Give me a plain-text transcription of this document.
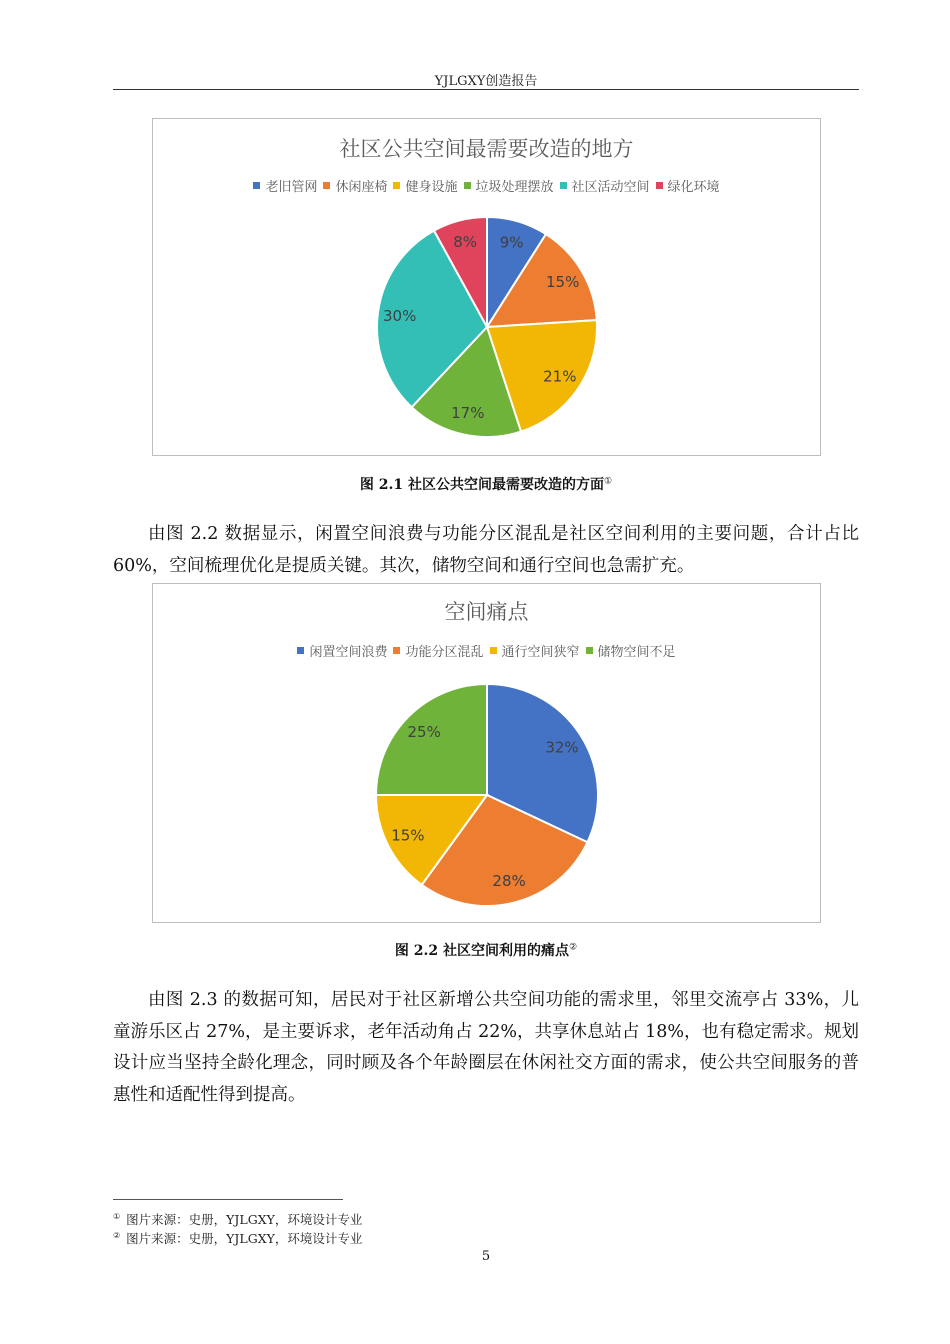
YJLGXY创造报告
9%
15%
21%
17%
30%
8%
社区公共空间最需要改造的地方
老旧管网 休闲座椅 健身设施 垃圾处理摆放 社区活动空间 绿化环境
图 2.1 社区公共空间最需要改造的方面①

由图 2.2 数据显示，闲置空间浪费与功能分区混乱是社区空间利用的主要问题，合计占比 60%，空间梳理优化是提质关键。其次，储物空间和通行空间也急需扩充。

32%
28%
15%
25%
空间痛点
闲置空间浪费 功能分区混乱 通行空间狭窄 储物空间不足
图 2.2 社区空间利用的痛点②

由图 2.3 的数据可知，居民对于社区新增公共空间功能的需求里，邻里交流亭占 33%，儿童游乐区占 27%，是主要诉求，老年活动角占 22%，共享休息站占 18%，也有稳定需求。规划设计应当坚持全龄化理念，同时顾及各个年龄圈层在休闲社交方面的需求，使公共空间服务的普惠性和适配性得到提高。

① 图片来源：史册，YJLGXY，环境设计专业
② 图片来源：史册，YJLGXY，环境设计专业
5
